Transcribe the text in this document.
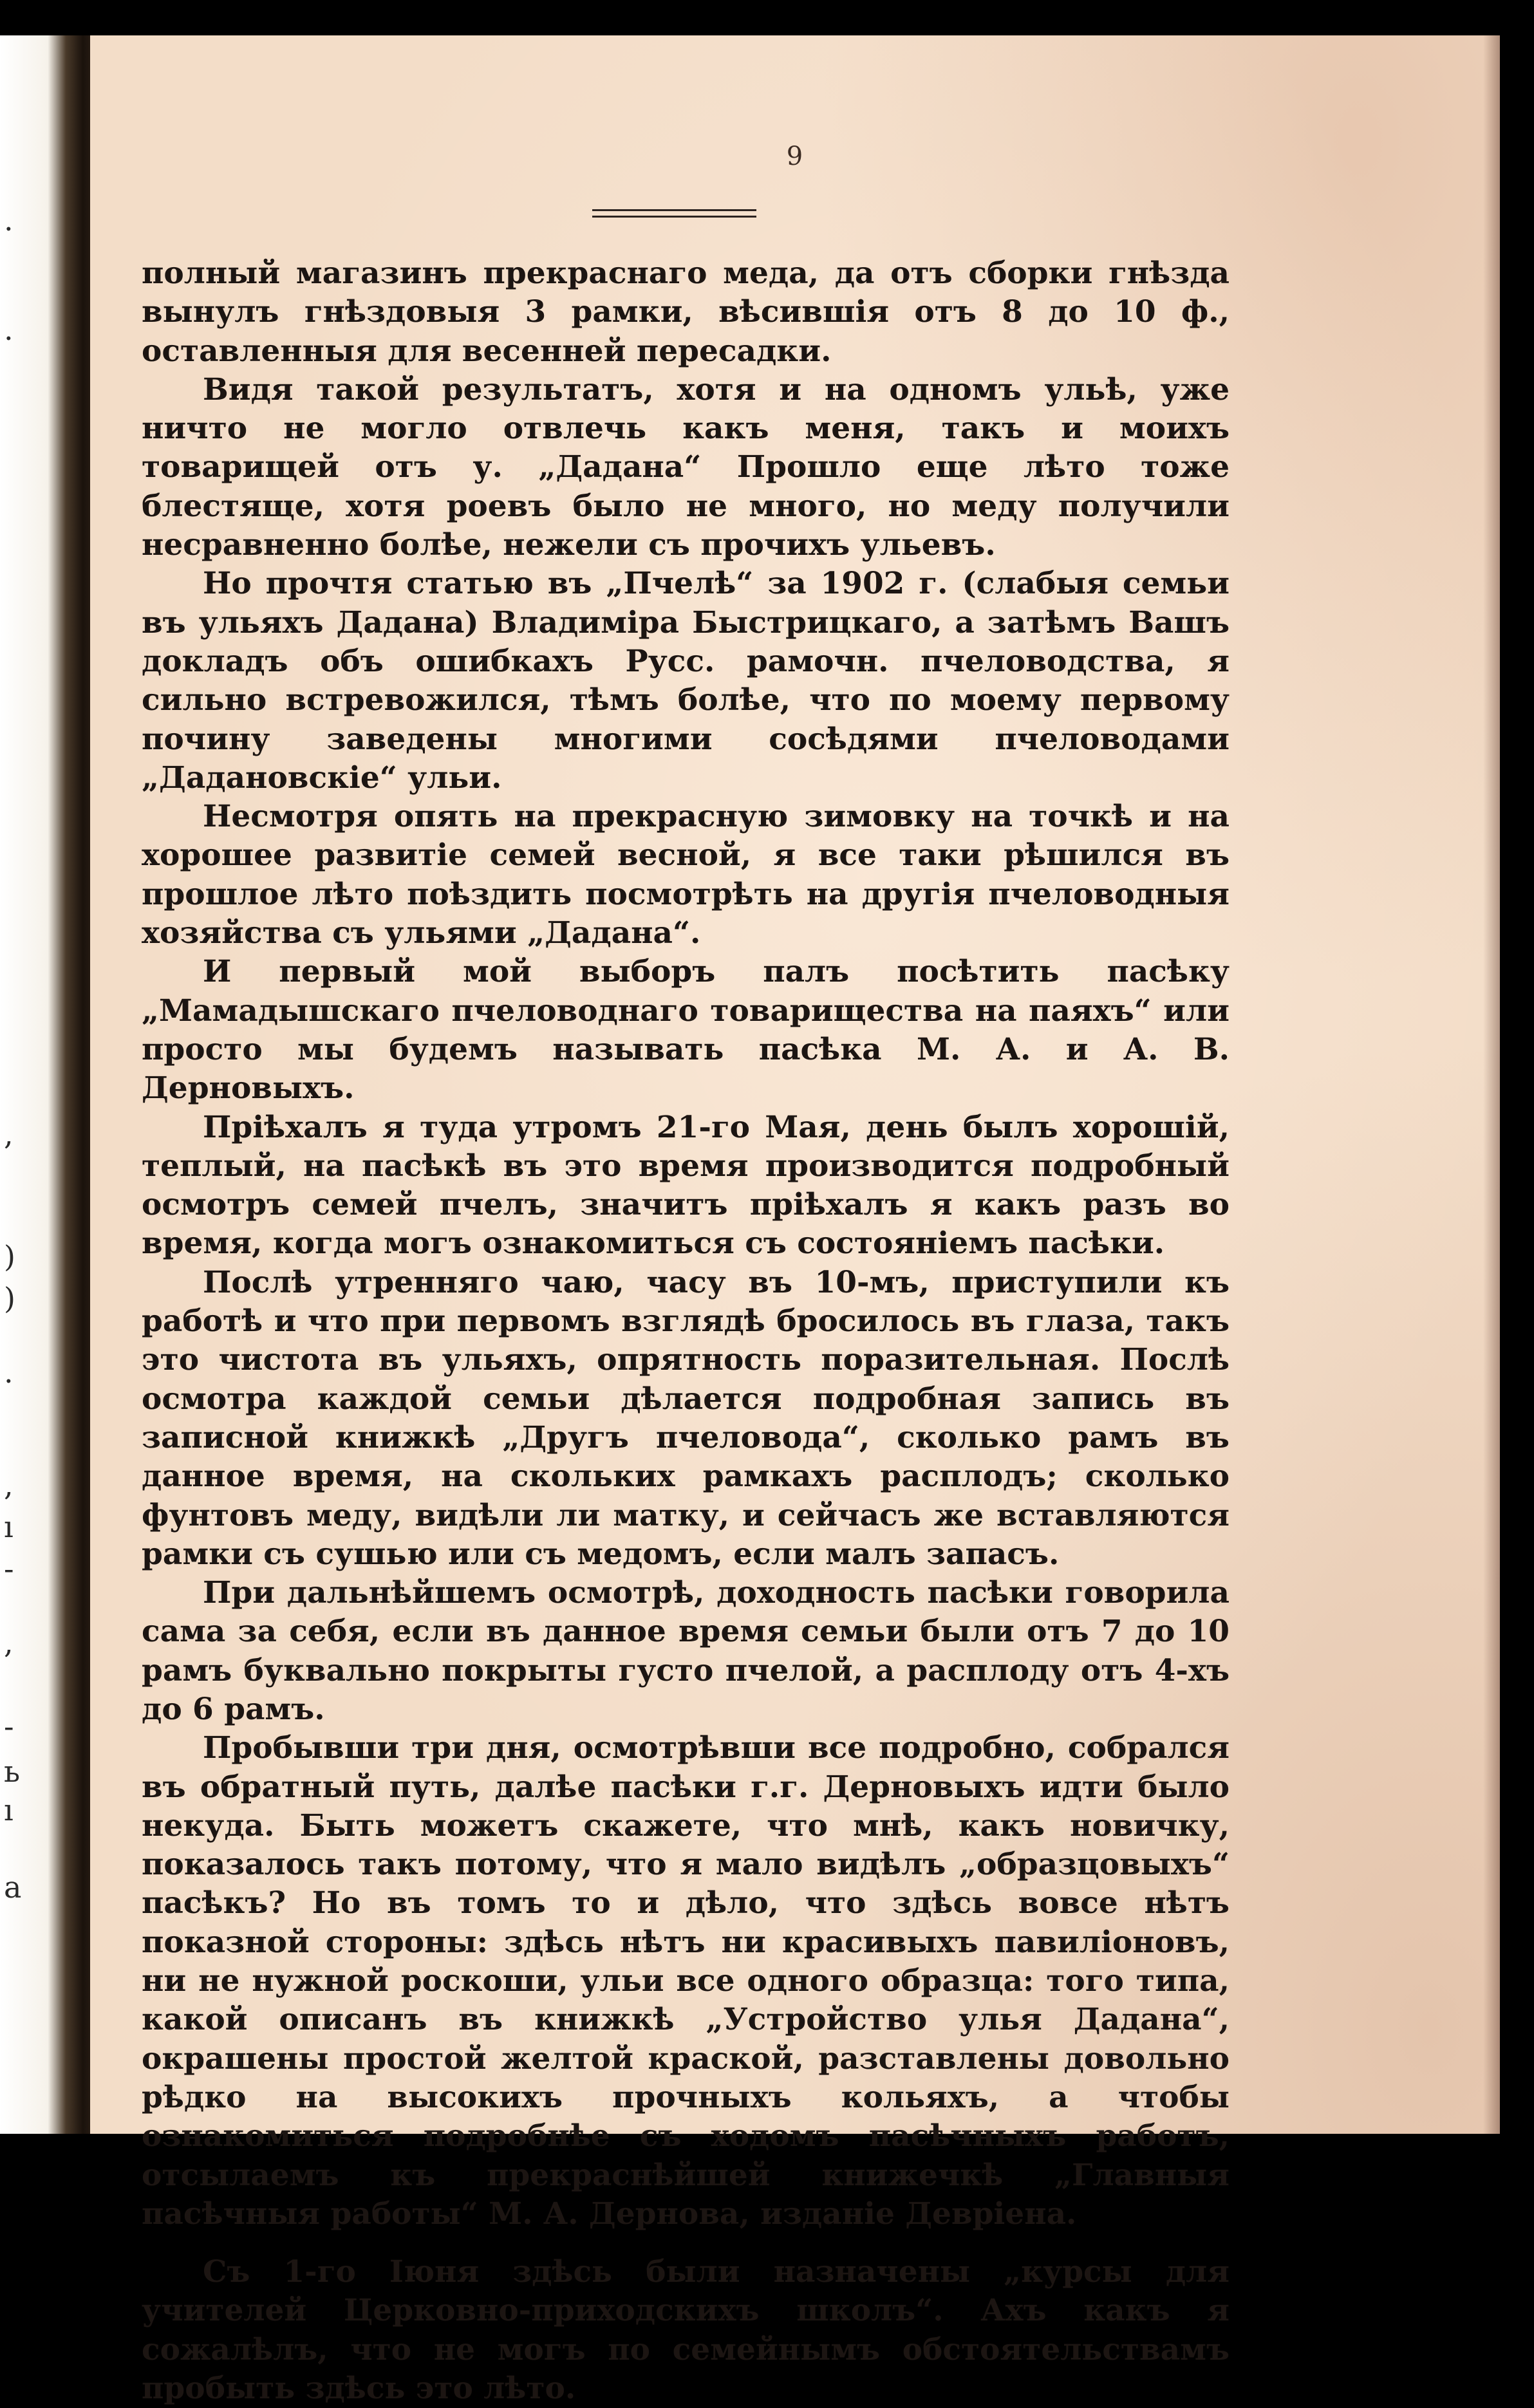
.
.
,
)
)
.
,
ı
-
,
-
ь
ı
а
9

полный магазинъ прекраснаго меда, да отъ сборки гнѣзда вынулъ гнѣздовыя 3 рамки, вѣсившія отъ 8 до 10 ф., оставленныя для весенней пересадки.

Видя такой результатъ, хотя и на одномъ ульѣ, уже ничто не могло отвлечь какъ меня, такъ и моихъ товарищей отъ у. „Дадана“ Прошло еще лѣто тоже блестяще, хотя роевъ было не много, но меду получили несравненно болѣе, нежели съ прочихъ ульевъ.

Но прочтя статью въ „Пчелѣ“ за 1902 г. (слабыя семьи въ ульяхъ Дадана) Владиміра Быстрицкаго, а затѣмъ Вашъ докладъ объ ошибкахъ Русс. рамочн. пчеловодства, я сильно встревожился, тѣмъ болѣе, что по моему первому почину заведены многими сосѣдями пчеловодами „Дадановскіе“ ульи.

Несмотря опять на прекрасную зимовку на точкѣ и на хорошее развитіе семей весной, я все таки рѣшился въ прошлое лѣто поѣздить посмотрѣть на другія пчеловодныя хозяйства съ ульями „Дадана“.

И первый мой выборъ палъ посѣтить пасѣку „Мамадышскаго пчеловоднаго товарищества на паяхъ“ или просто мы будемъ называть пасѣка М. А. и А. В. Дерновыхъ.

Пріѣхалъ я туда утромъ 21-го Мая, день былъ хорошій, теплый, на пасѣкѣ въ это время производится подробный осмотръ семей пчелъ, значитъ пріѣхалъ я какъ разъ во время, когда могъ ознакомиться съ состояніемъ пасѣки.

Послѣ утренняго чаю, часу въ 10-мъ, приступили къ работѣ и что при первомъ взглядѣ бросилось въ глаза, такъ это чистота въ ульяхъ, опрятность поразительная. Послѣ осмотра каждой семьи дѣлается подробная запись въ записной книжкѣ „Другъ пчеловода“, сколько рамъ въ данное время, на скольких рамкахъ расплодъ; сколько фунтовъ меду, видѣли ли матку, и сейчасъ же вставляются рамки съ сушью или съ медомъ, если малъ запасъ.

При дальнѣйшемъ осмотрѣ, доходность пасѣки говорила сама за себя, если въ данное время семьи были отъ 7 до 10 рамъ буквально покрыты густо пчелой, а расплоду отъ 4-хъ до 6 рамъ.

Пробывши три дня, осмотрѣвши все подробно, собрался въ обратный путь, далѣе пасѣки г.г. Дерновыхъ идти было некуда. Быть можетъ скажете, что мнѣ, какъ новичку, показалось такъ потому, что я мало видѣлъ „образцовыхъ“ пасѣкъ? Но въ томъ то и дѣло, что здѣсь вовсе нѣтъ показной стороны: здѣсь нѣтъ ни красивыхъ павиліоновъ, ни не нужной роскоши, ульи все одного образца: того типа, какой описанъ въ книжкѣ „Устройство улья Дадана“, окрашены простой желтой краской, разставлены довольно рѣдко на высокихъ прочныхъ кольяхъ, а чтобы ознакомиться подробнѣе съ ходомъ пасѣчныхъ работъ, отсылаемъ къ прекраснѣйшей книжечкѣ „Главныя пасѣчныя работы“ М. А. Дернова, изданіе Девріена.

Съ 1-го Іюня здѣсь были назначены „курсы для учителей Церковно-приходскихъ школъ“. Ахъ какъ я сожалѣлъ, что не могъ по семейнымъ обстоятельствамъ пробыть здѣсь это лѣто.
